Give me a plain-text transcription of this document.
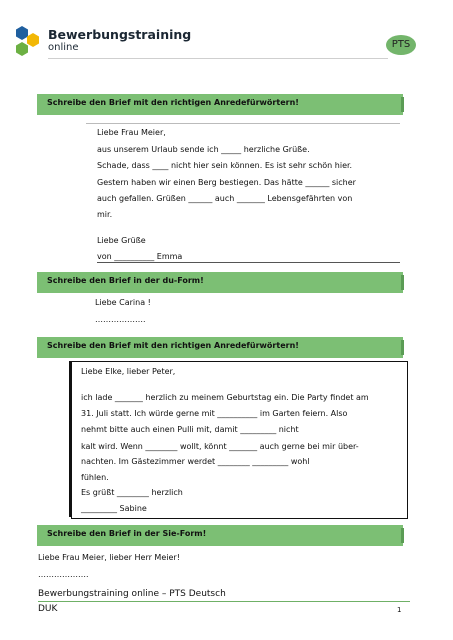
Bewerbungstraining
online	PTS
Schreibe den Brief mit den richtigen Anredefürwörtern!
Liebe Frau Meier,
aus unserem Urlaub sende ich _____ herzliche Grüße.
Schade, dass ____ nicht hier sein können. Es ist sehr schön hier.
Gestern haben wir einen Berg bestiegen. Das hätte ______ sicher
auch gefallen. Grüßen ______ auch _______ Lebensgefährten von
mir.
Liebe Grüße
von __________ Emma
Schreibe den Brief in der du-Form!
Liebe Carina !
……………….
Schreibe den Brief mit den richtigen Anredefürwörtern!
Liebe Elke, lieber Peter,
ich lade _______ herzlich zu meinem Geburtstag ein. Die Party findet am
31. Juli statt. Ich würde gerne mit __________ im Garten feiern. Also
nehmt bitte auch einen Pulli mit, damit _________ nicht
kalt wird. Wenn ________ wollt, könnt _______ auch gerne bei mir über-
nachten. Im Gästezimmer werdet ________ _________ wohl
fühlen.
Es grüßt ________ herzlich
_________ Sabine
Schreibe den Brief in der Sie-Form!
Liebe Frau Meier, lieber Herr Meier!
……………….
Bewerbungstraining online – PTS Deutsch
DUK	1
